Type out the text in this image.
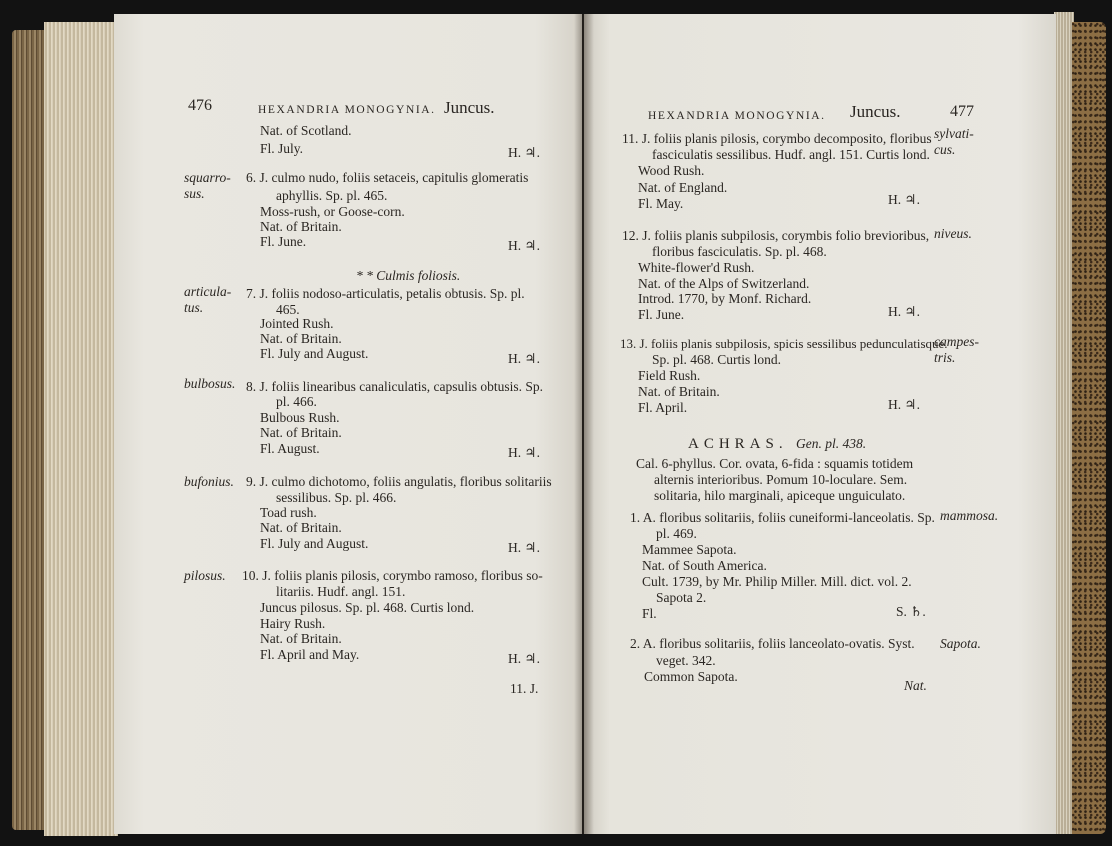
476	HEXANDRIA MONOGYNIA. Juncus.
Nat. of Scotland.
Fl. July.	H. ♃.
squarro-
sus.
6. J. culmo nudo, foliis setaceis, capitulis glomeratis
aphyllis. Sp. pl. 465.
Moss-rush, or Goose-corn.
Nat. of Britain.
Fl. June.	H. ♃.
* * Culmis foliosis.
articula-
tus.
7. J. foliis nodoso-articulatis, petalis obtusis. Sp. pl.
465.
Jointed Rush.
Nat. of Britain.
Fl. July and August.	H. ♃.
bulbosus. 8. J. foliis linearibus canaliculatis, capsulis obtusis. Sp.
pl. 466.
Bulbous Rush.
Nat. of Britain.
Fl. August.	H. ♃.
bufonius. 9. J. culmo dichotomo, foliis angulatis, floribus solitariis
sessilibus. Sp. pl. 466.
Toad rush.
Nat. of Britain.
Fl. July and August.	H. ♃.
pilosus. 10. J. foliis planis pilosis, corymbo ramoso, floribus so-
litariis. Hudf. angl. 151.
Juncus pilosus. Sp. pl. 468. Curtis lond.
Hairy Rush.
Nat. of Britain.
Fl. April and May.	H. ♃.
11. J.
HEXANDRIA MONOGYNIA. Juncus.	477
11. J. foliis planis pilosis, corymbo decomposito, floribus
fasciculatis sessilibus. Hudf. angl. 151. Curtis lond.
Wood Rush.
Nat. of England.
Fl. May.	H. ♃.
sylvati-
cus.
12. J. foliis planis subpilosis, corymbis folio brevioribus,
floribus fasciculatis. Sp. pl. 468.
White-flower'd Rush.
Nat. of the Alps of Switzerland.
Introd. 1770, by Monf. Richard.
Fl. June.	H. ♃.
niveus.
13. J. foliis planis subpilosis, spicis sessilibus pedunculatisque.
Sp. pl. 468. Curtis lond.
Field Rush.
Nat. of Britain.
Fl. April.	H. ♃.
campes-
tris.
ACHRAS. Gen. pl. 438.
Cal. 6-phyllus. Cor. ovata, 6-fida : squamis totidem
alternis interioribus. Pomum 10-loculare. Sem.
solitaria, hilo marginali, apiceque unguiculato.
1. A. floribus solitariis, foliis cuneiformi-lanceolatis. Sp.
pl. 469.
Mammee Sapota.
Nat. of South America.
Cult. 1739, by Mr. Philip Miller. Mill. dict. vol. 2.
Sapota 2.
Fl.	S. ♄.
mammosa.
2. A. floribus solitariis, foliis lanceolato-ovatis. Syst.
veget. 342.
Common Sapota.
Nat.
Sapota.
